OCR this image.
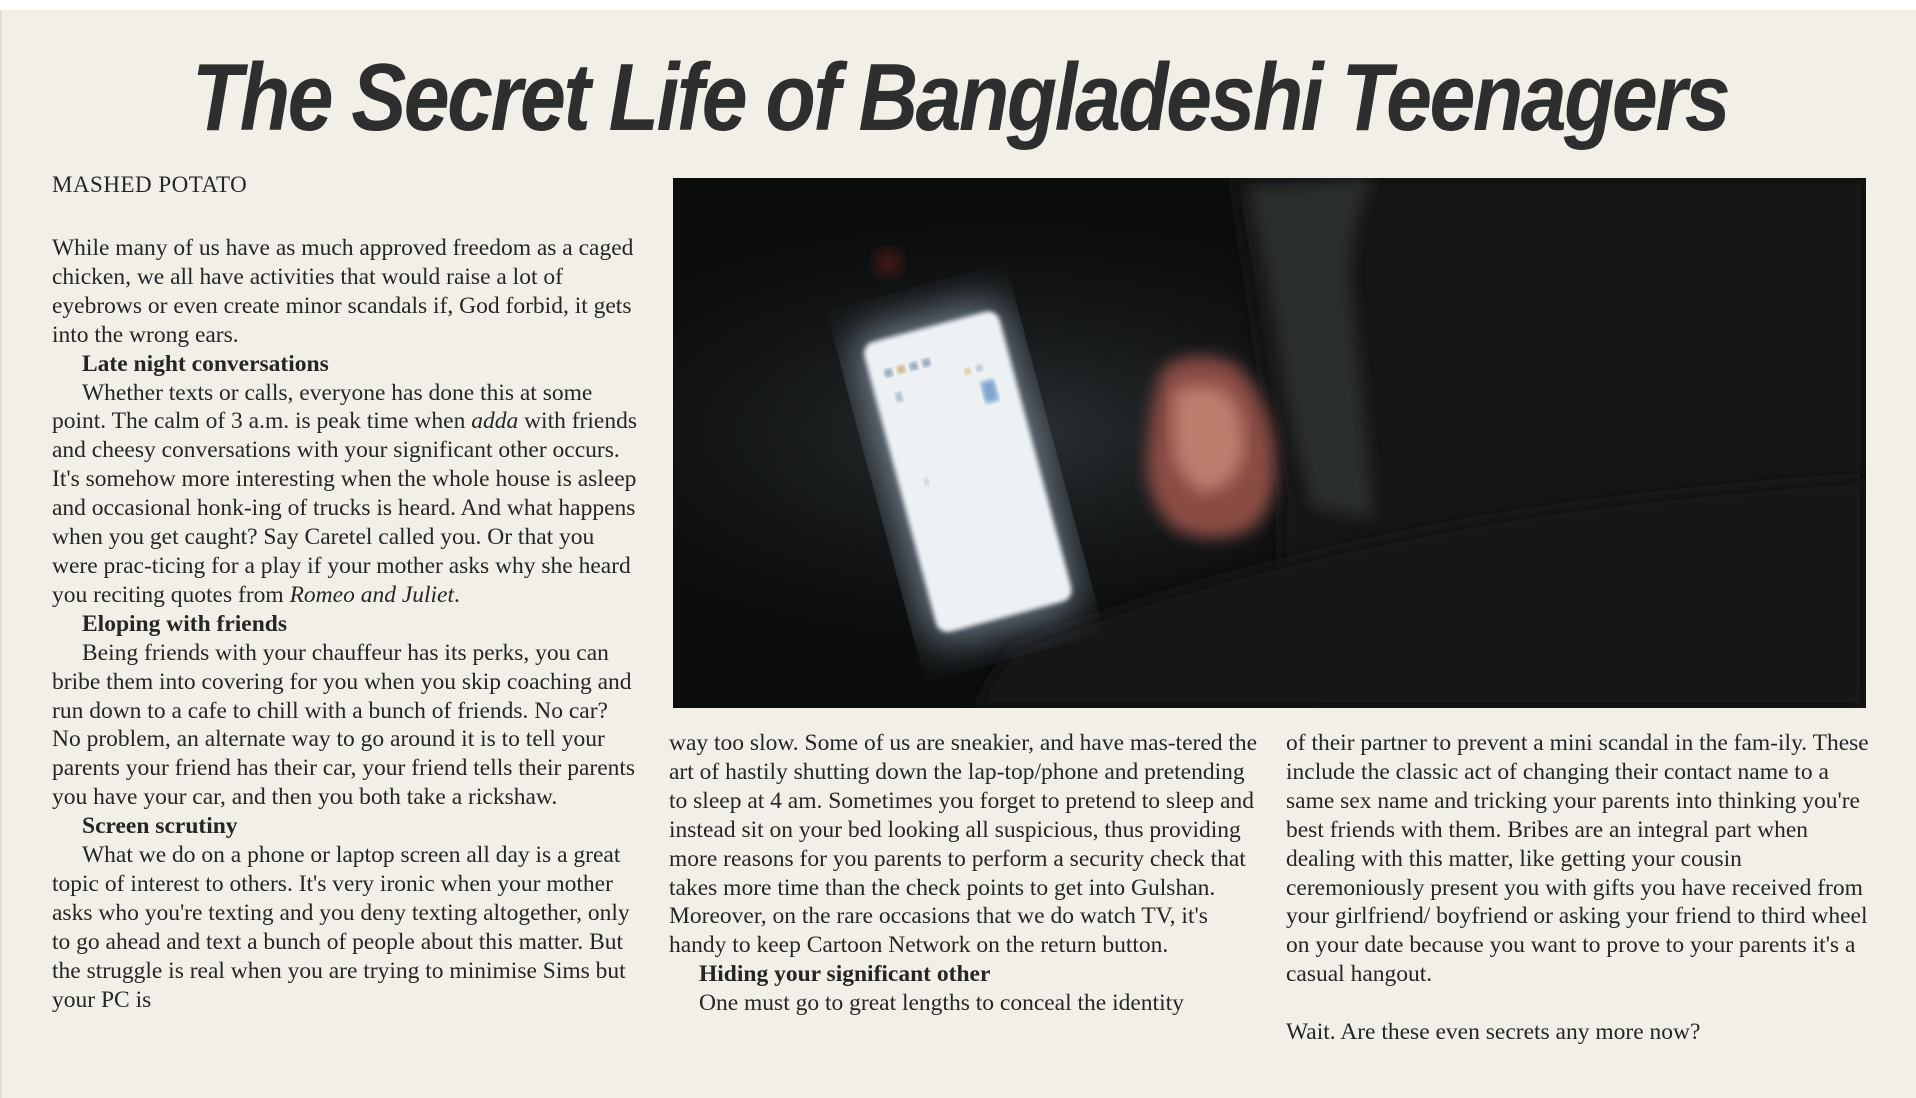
The Secret Life of Bangladeshi Teenagers
MASHED POTATO

While many of us have as much approved freedom as a caged chicken, we all have activities that would raise a lot of eyebrows or even create minor scandals if, God forbid, it gets into the wrong ears.

Late night conversations

Whether texts or calls, everyone has done this at some point. The calm of 3 a.m. is peak time when adda with friends and cheesy conversations with your significant other occurs. It's somehow more interesting when the whole house is asleep and occasional honk-ing of trucks is heard. And what happens when you get caught? Say Caretel called you. Or that you were prac-ticing for a play if your mother asks why she heard you reciting quotes from Romeo and Juliet.

Eloping with friends

Being friends with your chauffeur has its perks, you can bribe them into covering for you when you skip coaching and run down to a cafe to chill with a bunch of friends. No car? No problem, an alternate way to go around it is to tell your parents your friend has their car, your friend tells their parents you have your car, and then you both take a rickshaw.

Screen scrutiny

What we do on a phone or laptop screen all day is a great topic of interest to others. It's very ironic when your mother asks who you're texting and you deny texting altogether, only to go ahead and text a bunch of people about this matter. But the struggle is real when you are trying to minimise Sims but your PC is

way too slow. Some of us are sneakier, and have mas-tered the art of hastily shutting down the lap-top/phone and pretending to sleep at 4 am. Sometimes you forget to pretend to sleep and instead sit on your bed looking all suspicious, thus providing more reasons for you parents to perform a security check that takes more time than the check points to get into Gulshan. Moreover, on the rare occasions that we do watch TV, it's handy to keep Cartoon Network on the return button.

Hiding your significant other

One must go to great lengths to conceal the identity

of their partner to prevent a mini scandal in the fam-ily. These include the classic act of changing their contact name to a same sex name and tricking your parents into thinking you're best friends with them. Bribes are an integral part when dealing with this matter, like getting your cousin ceremoniously present you with gifts you have received from your girlfriend/ boyfriend or asking your friend to third wheel on your date because you want to prove to your parents it's a casual hangout.

Wait. Are these even secrets any more now?
